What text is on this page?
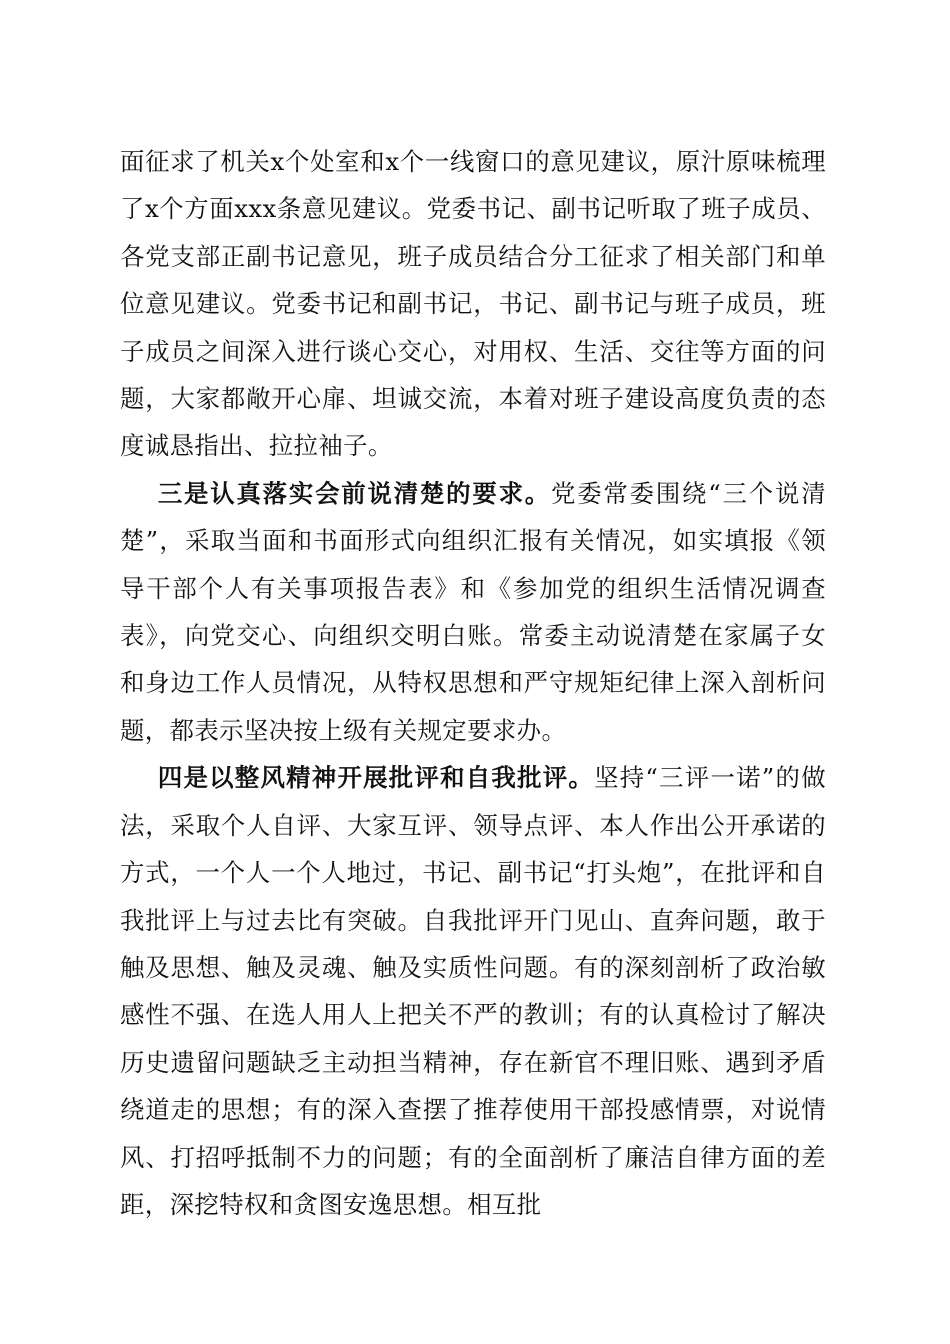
面征求了机关x个处室和x个一线窗口的意见建议，原汁原味梳理了x个方面xxx条意见建议。党委书记、副书记听取了班子成员、各党支部正副书记意见，班子成员结合分工征求了相关部门和单位意见建议。党委书记和副书记，书记、副书记与班子成员，班子成员之间深入进行谈心交心，对用权、生活、交往等方面的问题，大家都敞开心扉、坦诚交流，本着对班子建设高度负责的态度诚恳指出、拉拉袖子。

三是认真落实会前说清楚的要求。党委常委围绕“三个说清楚”，采取当面和书面形式向组织汇报有关情况，如实填报《领导干部个人有关事项报告表》和《参加党的组织生活情况调查表》，向党交心、向组织交明白账。常委主动说清楚在家属子女和身边工作人员情况，从特权思想和严守规矩纪律上深入剖析问题，都表示坚决按上级有关规定要求办。

四是以整风精神开展批评和自我批评。坚持“三评一诺”的做法，采取个人自评、大家互评、领导点评、本人作出公开承诺的方式，一个人一个人地过，书记、副书记“打头炮”，在批评和自我批评上与过去比有突破。自我批评开门见山、直奔问题，敢于触及思想、触及灵魂、触及实质性问题。有的深刻剖析了政治敏感性不强、在选人用人上把关不严的教训；有的认真检讨了解决历史遗留问题缺乏主动担当精神，存在新官不理旧账、遇到矛盾绕道走的思想；有的深入查摆了推荐使用干部投感情票，对说情风、打招呼抵制不力的问题；有的全面剖析了廉洁自律方面的差距，深挖特权和贪图安逸思想。相互批
